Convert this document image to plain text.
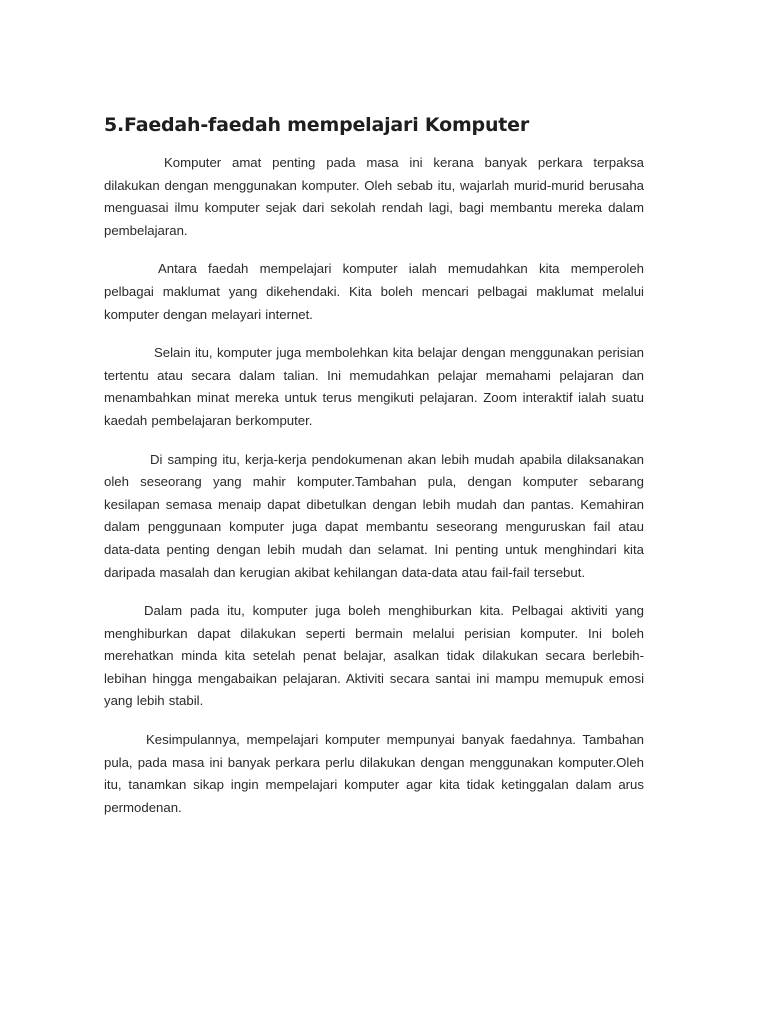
5.Faedah-faedah mempelajari Komputer

Komputer amat penting pada masa ini kerana banyak perkara terpaksa dilakukan dengan menggunakan komputer. Oleh sebab itu, wajarlah murid-murid berusaha menguasai ilmu komputer sejak dari sekolah rendah lagi, bagi membantu mereka dalam pembelajaran.

Antara faedah mempelajari komputer ialah memudahkan kita memperoleh pelbagai maklumat yang dikehendaki. Kita boleh mencari pelbagai maklumat melalui komputer dengan melayari internet.

Selain itu, komputer juga membolehkan kita belajar dengan menggunakan perisian tertentu atau secara dalam talian. Ini memudahkan pelajar memahami pelajaran dan menambahkan minat mereka untuk terus mengikuti pelajaran. Zoom interaktif ialah suatu kaedah pembelajaran berkomputer.

Di samping itu, kerja-kerja pendokumenan akan lebih mudah apabila dilaksanakan oleh seseorang yang mahir komputer.Tambahan pula, dengan komputer sebarang kesilapan semasa menaip dapat dibetulkan dengan lebih mudah dan pantas. Kemahiran dalam penggunaan komputer juga dapat membantu seseorang menguruskan fail atau data-data penting dengan lebih mudah dan selamat. Ini penting untuk menghindari kita daripada masalah dan kerugian akibat kehilangan data-data atau fail-fail tersebut.

Dalam pada itu, komputer juga boleh menghiburkan kita. Pelbagai aktiviti yang menghiburkan dapat dilakukan seperti bermain melalui perisian komputer. Ini boleh merehatkan minda kita setelah penat belajar, asalkan tidak dilakukan secara berlebih- lebihan hingga mengabaikan pelajaran. Aktiviti secara santai ini mampu memupuk emosi yang lebih stabil.

Kesimpulannya, mempelajari komputer mempunyai banyak faedahnya. Tambahan pula, pada masa ini banyak perkara perlu dilakukan dengan menggunakan komputer.Oleh itu, tanamkan sikap ingin mempelajari komputer agar kita tidak ketinggalan dalam arus permodenan.
